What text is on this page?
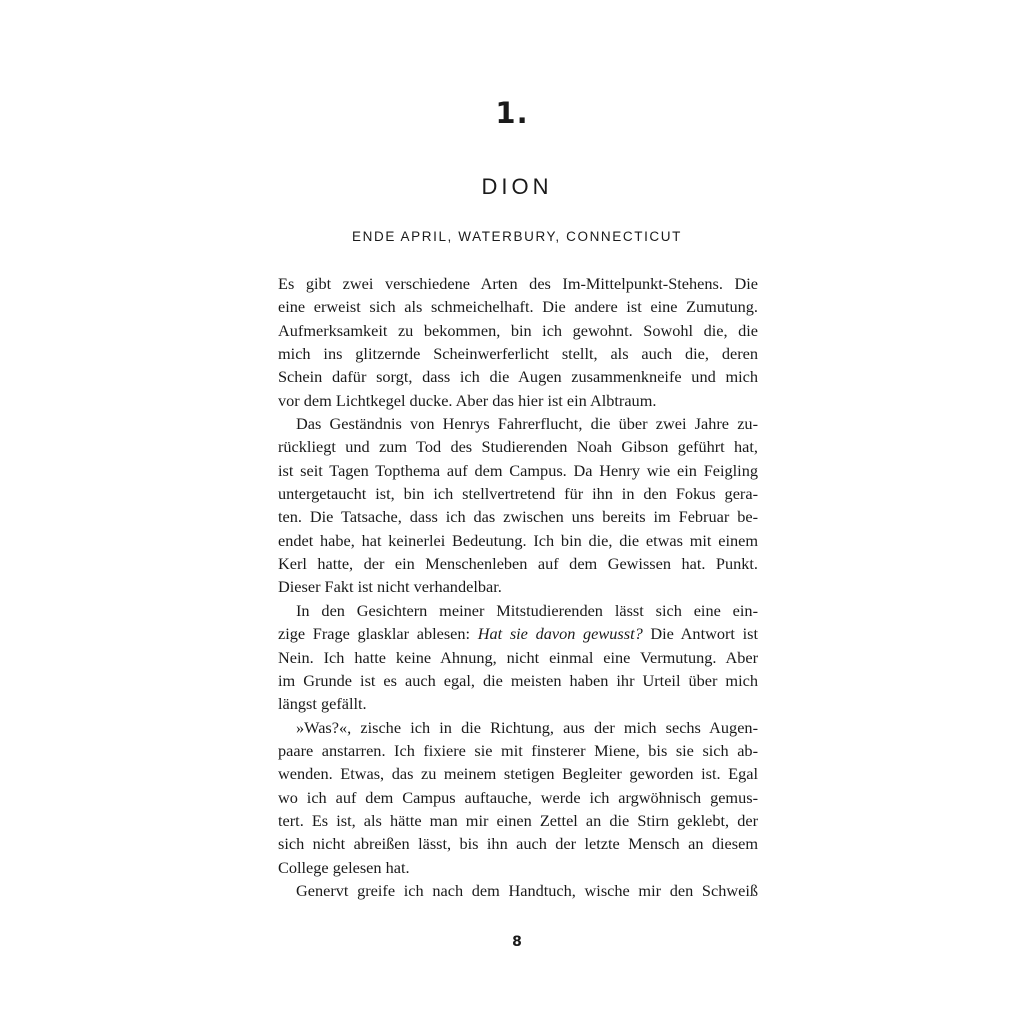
1.
DION
ENDE APRIL, WATERBURY, CONNECTICUT
Es gibt zwei verschiedene Arten des Im-Mittelpunkt-Stehens. Die
eine erweist sich als schmeichelhaft. Die andere ist eine Zumutung.
Aufmerksamkeit zu bekommen, bin ich gewohnt. Sowohl die, die
mich ins glitzernde Scheinwerferlicht stellt, als auch die, deren
Schein dafür sorgt, dass ich die Augen zusammenkneife und mich
vor dem Lichtkegel ducke. Aber das hier ist ein Albtraum.
Das Geständnis von Henrys Fahrerflucht, die über zwei Jahre zu-
rückliegt und zum Tod des Studierenden Noah Gibson geführt hat,
ist seit Tagen Topthema auf dem Campus. Da Henry wie ein Feigling
untergetaucht ist, bin ich stellvertretend für ihn in den Fokus gera-
ten. Die Tatsache, dass ich das zwischen uns bereits im Februar be-
endet habe, hat keinerlei Bedeutung. Ich bin die, die etwas mit einem
Kerl hatte, der ein Menschenleben auf dem Gewissen hat. Punkt.
Dieser Fakt ist nicht verhandelbar.
In den Gesichtern meiner Mitstudierenden lässt sich eine ein-
zige Frage glasklar ablesen: Hat sie davon gewusst? Die Antwort ist
Nein. Ich hatte keine Ahnung, nicht einmal eine Vermutung. Aber
im Grunde ist es auch egal, die meisten haben ihr Urteil über mich
längst gefällt.
»Was?«, zische ich in die Richtung, aus der mich sechs Augen-
paare anstarren. Ich fixiere sie mit finsterer Miene, bis sie sich ab-
wenden. Etwas, das zu meinem stetigen Begleiter geworden ist. Egal
wo ich auf dem Campus auftauche, werde ich argwöhnisch gemus-
tert. Es ist, als hätte man mir einen Zettel an die Stirn geklebt, der
sich nicht abreißen lässt, bis ihn auch der letzte Mensch an diesem
College gelesen hat.
Genervt greife ich nach dem Handtuch, wische mir den Schweiß
8
